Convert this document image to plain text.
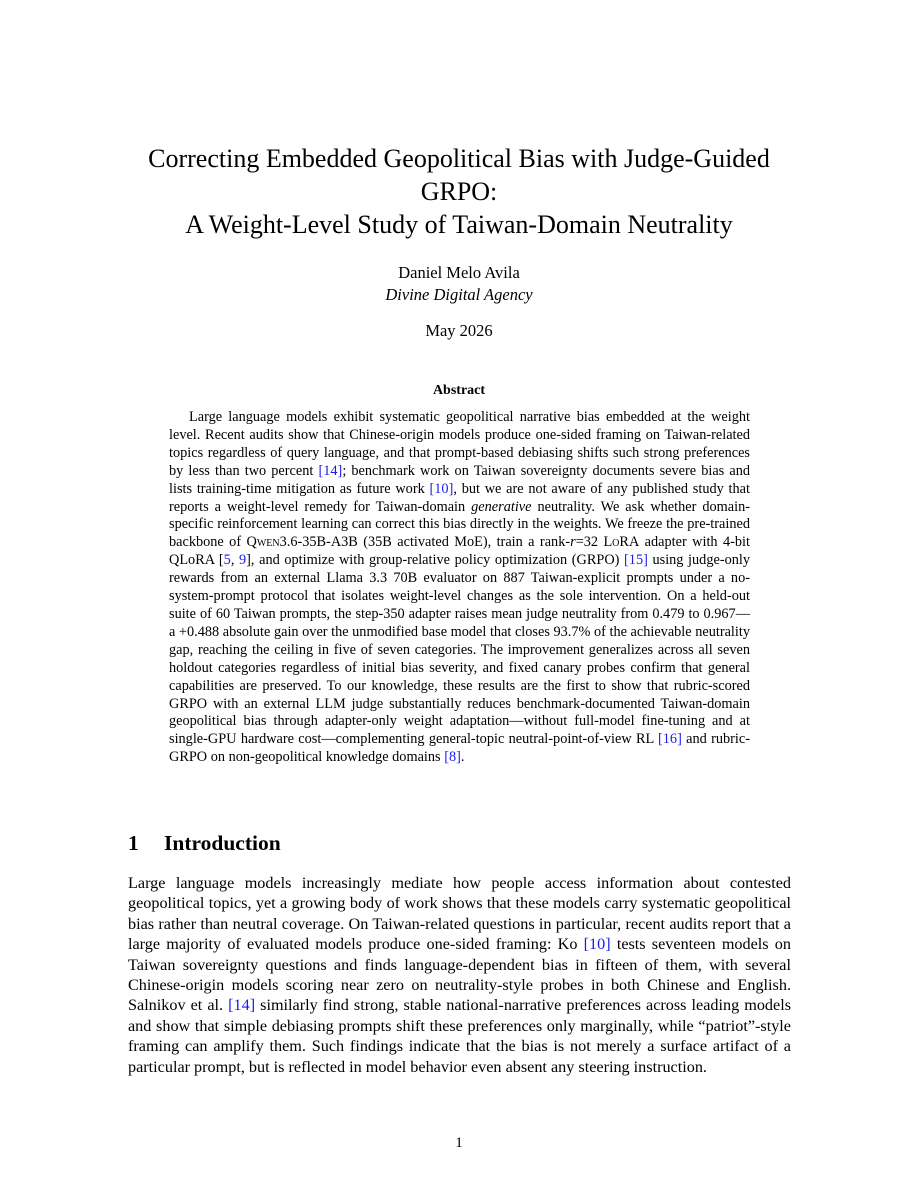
Correcting Embedded Geopolitical Bias with Judge-Guided
GRPO:
A Weight-Level Study of Taiwan-Domain Neutrality
Daniel Melo Avila
Divine Digital Agency
May 2026
Abstract

Large language models exhibit systematic geopolitical narrative bias embedded at the weight level. Recent audits show that Chinese-origin models produce one-sided framing on Taiwan-related topics regardless of query language, and that prompt-based debiasing shifts such strong preferences by less than two percent [14]; benchmark work on Taiwan sovereignty documents severe bias and lists training-time mitigation as future work [10], but we are not aware of any published study that reports a weight-level remedy for Taiwan-domain generative neutrality. We ask whether domain-specific reinforcement learning can correct this bias directly in the weights. We freeze the pre-trained backbone of Qwen3.6-35B-A3B (35B activated MoE), train a rank-r=32 LoRA adapter with 4-bit QLoRA [5, 9], and optimize with group-relative policy optimization (GRPO) [15] using judge-only rewards from an external Llama 3.3 70B evaluator on 887 Taiwan-explicit prompts under a no-system-prompt protocol that isolates weight-level changes as the sole intervention. On a held-out suite of 60 Taiwan prompts, the step-350 adapter raises mean judge neutrality from 0.479 to 0.967—a +0.488 absolute gain over the unmodified base model that closes 93.7% of the achievable neutrality gap, reaching the ceiling in five of seven categories. The improvement generalizes across all seven holdout categories regardless of initial bias severity, and fixed canary probes confirm that general capabilities are preserved. To our knowledge, these results are the first to show that rubric-scored GRPO with an external LLM judge substantially reduces benchmark-documented Taiwan-domain geopolitical bias through adapter-only weight adaptation—without full-model fine-tuning and at single-GPU hardware cost—complementing general-topic neutral-point-of-view RL [16] and rubric-GRPO on non-geopolitical knowledge domains [8].

1 Introduction

Large language models increasingly mediate how people access information about contested geopolitical topics, yet a growing body of work shows that these models carry systematic geopolitical bias rather than neutral coverage. On Taiwan-related questions in particular, recent audits report that a large majority of evaluated models produce one-sided framing: Ko [10] tests seventeen models on Taiwan sovereignty questions and finds language-dependent bias in fifteen of them, with several Chinese-origin models scoring near zero on neutrality-style probes in both Chinese and English. Salnikov et al. [14] similarly find strong, stable national-narrative preferences across leading models and show that simple debiasing prompts shift these preferences only marginally, while “patriot”-style framing can amplify them. Such findings indicate that the bias is not merely a surface artifact of a particular prompt, but is reflected in model behavior even absent any steering instruction.

1
